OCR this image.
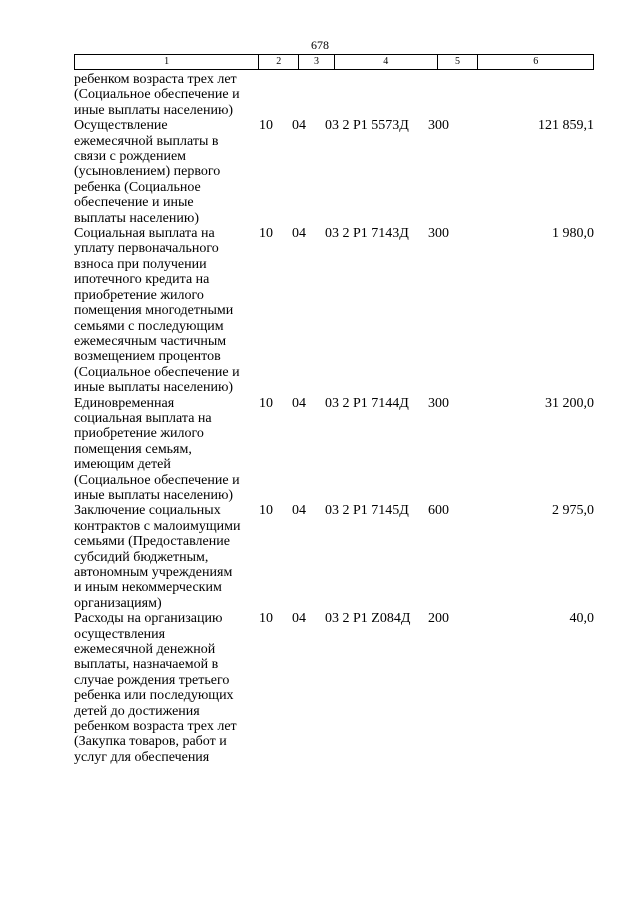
678
1	2	3	4	5	6
ребенком возраста трех лет
(Социальное обеспечение и
иные выплаты населению)
Осуществление
ежемесячной выплаты в
связи с рождением
(усыновлением) первого
ребенка (Социальное
обеспечение и иные
выплаты населению)
10	04	03 2 Р1 5573Д	300	121 859,1
Социальная выплата на
уплату первоначального
взноса при получении
ипотечного кредита на
приобретение жилого
помещения многодетными
семьями с последующим
ежемесячным частичным
возмещением процентов
(Социальное обеспечение и
иные выплаты населению)
10	04	03 2 Р1 7143Д	300	1 980,0
Единовременная
социальная выплата на
приобретение жилого
помещения семьям,
имеющим детей
(Социальное обеспечение и
иные выплаты населению)
10	04	03 2 Р1 7144Д	300	31 200,0
Заключение социальных
контрактов с малоимущими
семьями (Предоставление
субсидий бюджетным,
автономным учреждениям
и иным некоммерческим
организациям)
10	04	03 2 Р1 7145Д	600	2 975,0
Расходы на организацию
осуществления
ежемесячной денежной
выплаты, назначаемой в
случае рождения третьего
ребенка или последующих
детей до достижения
ребенком возраста трех лет
(Закупка товаров, работ и
услуг для обеспечения
10	04	03 2 Р1 Z084Д	200	40,0
